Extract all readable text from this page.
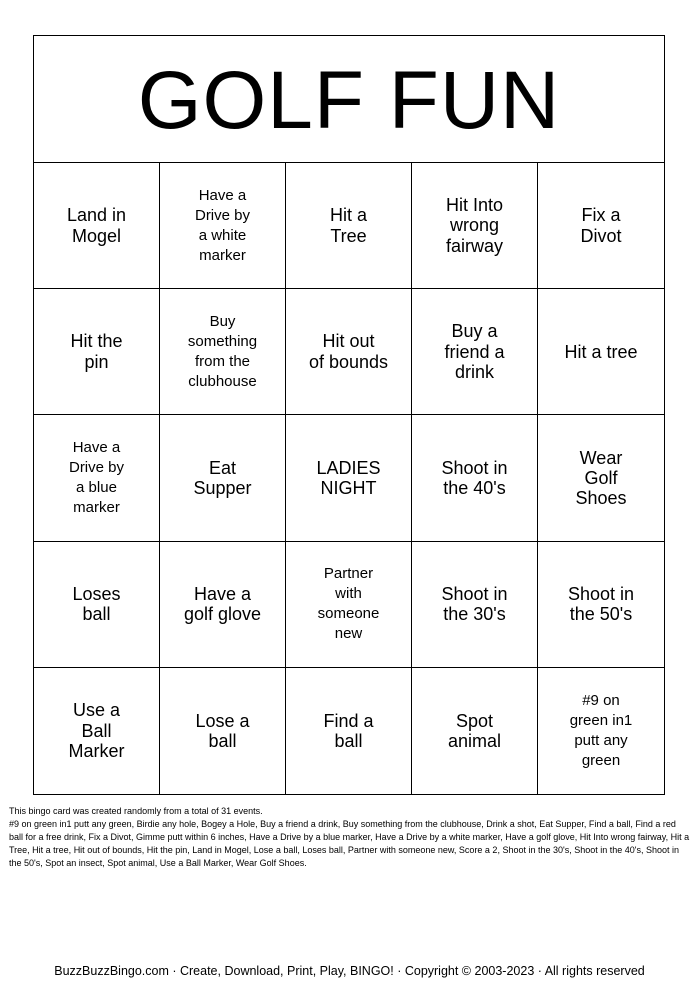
GOLF FUN
Land in
Mogel
Have a
Drive by
a white
marker
Hit a
Tree
Hit Into
wrong
fairway
Fix a
Divot
Hit the
pin
Buy
something
from the
clubhouse
Hit out
of bounds
Buy a
friend a
drink
Hit a tree
Have a
Drive by
a blue
marker
Eat
Supper
LADIES
NIGHT
Shoot in
the 40's
Wear
Golf
Shoes
Loses
ball
Have a
golf glove
Partner
with
someone
new
Shoot in
the 30's
Shoot in
the 50's
Use a
Ball
Marker
Lose a
ball
Find a
ball
Spot
animal
#9 on
green in1
putt any
green
This bingo card was created randomly from a total of 31 events.
#9 on green in1 putt any green, Birdie any hole, Bogey a Hole, Buy a friend a drink, Buy something from the clubhouse, Drink a shot, Eat Supper, Find a ball, Find a red ball for a free drink, Fix a Divot, Gimme putt within 6 inches, Have a Drive by a blue marker, Have a Drive by a white marker, Have a golf glove, Hit Into wrong fairway, Hit a Tree, Hit a tree, Hit out of bounds, Hit the pin, Land in Mogel, Lose a ball, Loses ball, Partner with someone new, Score a 2, Shoot in the 30's, Shoot in the 40's, Shoot in the 50's, Spot an insect, Spot animal, Use a Ball Marker, Wear Golf Shoes.
BuzzBuzzBingo.com · Create, Download, Print, Play, BINGO! · Copyright © 2003-2023 · All rights reserved
